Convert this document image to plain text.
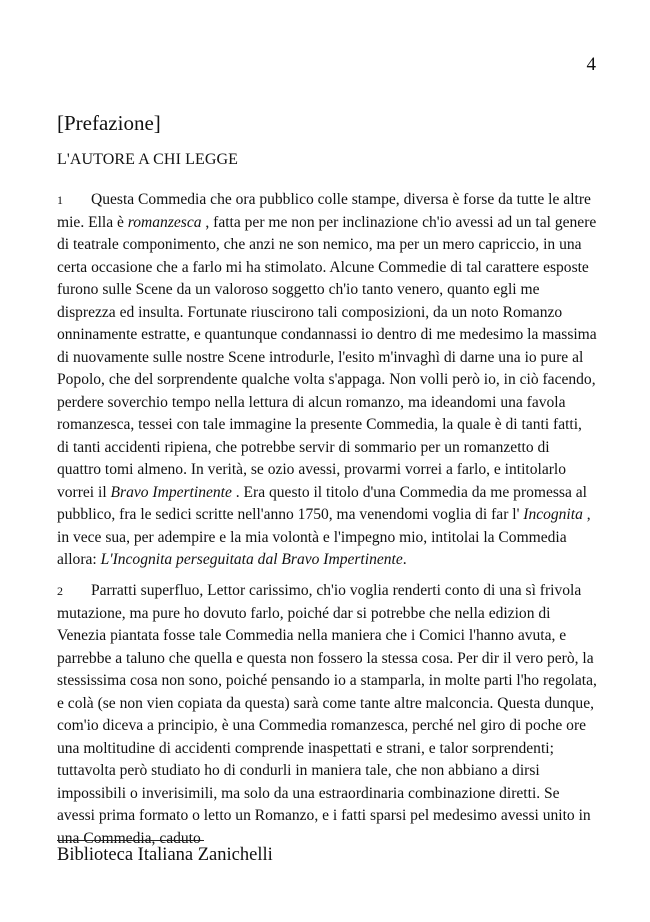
4
[Prefazione]
L'AUTORE A CHI LEGGE
1 Questa Commedia che ora pubblico colle stampe, diversa è forse da tutte le altre mie. Ella è romanzesca , fatta per me non per inclinazione ch'io avessi ad un tal genere di teatrale componimento, che anzi ne son nemico, ma per un mero capriccio, in una certa occasione che a farlo mi ha stimolato. Alcune Commedie di tal carattere esposte furono sulle Scene da un valoroso soggetto ch'io tanto venero, quanto egli me disprezza ed insulta. Fortunate riuscirono tali composizioni, da un noto Romanzo onninamente estratte, e quantunque condannassi io dentro di me medesimo la massima di nuovamente sulle nostre Scene introdurle, l'esito m'invaghì di darne una io pure al Popolo, che del sorprendente qualche volta s'appaga. Non volli però io, in ciò facendo, perdere soverchio tempo nella lettura di alcun romanzo, ma ideandomi una favola romanzesca, tessei con tale immagine la presente Commedia, la quale è di tanti fatti, di tanti accidenti ripiena, che potrebbe servir di sommario per un romanzetto di quattro tomi almeno. In verità, se ozio avessi, provarmi vorrei a farlo, e intitolarlo vorrei il Bravo Impertinente . Era questo il titolo d'una Commedia da me promessa al pubblico, fra le sedici scritte nell'anno 1750, ma venendomi voglia di far l' Incognita , in vece sua, per adempire e la mia volontà e l'impegno mio, intitolai la Commedia allora: L'Incognita perseguitata dal Bravo Impertinente.
2 Parratti superfluo, Lettor carissimo, ch'io voglia renderti conto di una sì frivola mutazione, ma pure ho dovuto farlo, poiché dar si potrebbe che nella edizion di Venezia piantata fosse tale Commedia nella maniera che i Comici l'hanno avuta, e parrebbe a taluno che quella e questa non fossero la stessa cosa. Per dir il vero però, la stessissima cosa non sono, poiché pensando io a stamparla, in molte parti l'ho regolata, e colà (se non vien copiata da questa) sarà come tante altre malconcia. Questa dunque, com'io diceva a principio, è una Commedia romanzesca, perché nel giro di poche ore una moltitudine di accidenti comprende inaspettati e strani, e talor sorprendenti; tuttavolta però studiato ho di condurli in maniera tale, che non abbiano a dirsi impossibili o inverisimili, ma solo da una estraordinaria combinazione diretti. Se avessi prima formato o letto un Romanzo, e i fatti sparsi pel medesimo avessi unito in una Commedia, caduto
Biblioteca Italiana Zanichelli
